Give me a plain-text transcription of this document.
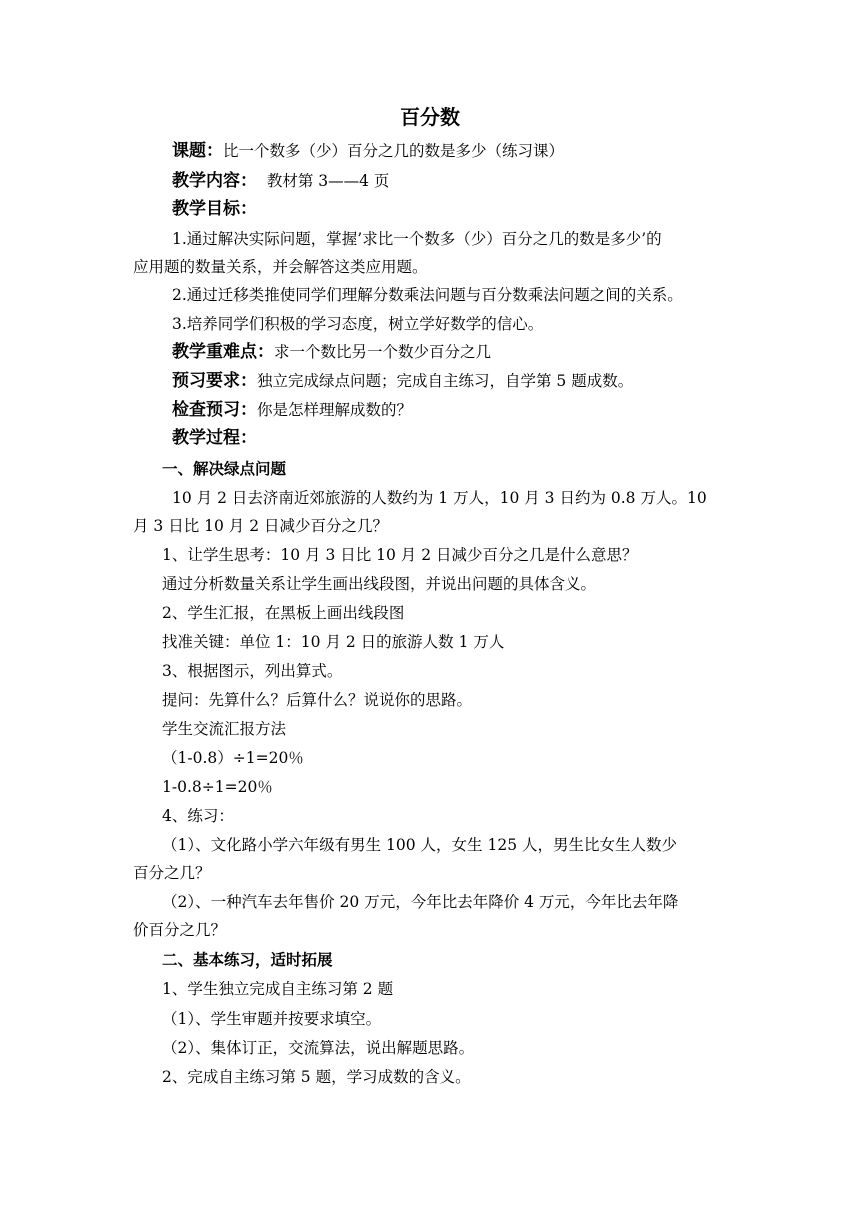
百分数
课题：比一个数多（少）百分之几的数是多少（练习课）
教学内容：  教材第 3——4 页
教学目标：
1.通过解决实际问题，掌握’求比一个数多（少）百分之几的数是多少’的
应用题的数量关系，并会解答这类应用题。
2.通过迁移类推使同学们理解分数乘法问题与百分数乘法问题之间的关系。
3.培养同学们积极的学习态度，树立学好数学的信心。
教学重难点：求一个数比另一个数少百分之几
预习要求：独立完成绿点问题；完成自主练习，自学第 5 题成数。
检查预习：你是怎样理解成数的？
教学过程：
一、解决绿点问题
10 月 2 日去济南近郊旅游的人数约为 1 万人，10 月 3 日约为 0.8 万人。10
月 3 日比 10 月 2 日减少百分之几？
1、让学生思考：10 月 3 日比 10 月 2 日减少百分之几是什么意思？
通过分析数量关系让学生画出线段图，并说出问题的具体含义。
2、学生汇报，在黑板上画出线段图
找准关键：单位 1：10 月 2 日的旅游人数 1 万人
3、根据图示，列出算式。
提问：先算什么？后算什么？说说你的思路。
学生交流汇报方法
（1-0.8）÷1=20％
1-0.8÷1=20％
4、练习：
（1）、文化路小学六年级有男生 100 人，女生 125 人，男生比女生人数少
百分之几？
（2）、一种汽车去年售价 20 万元，今年比去年降价 4 万元，今年比去年降
价百分之几？
二、基本练习，适时拓展
1、学生独立完成自主练习第 2 题
（1）、学生审题并按要求填空。
（2）、集体订正，交流算法，说出解题思路。
2、完成自主练习第 5 题，学习成数的含义。
